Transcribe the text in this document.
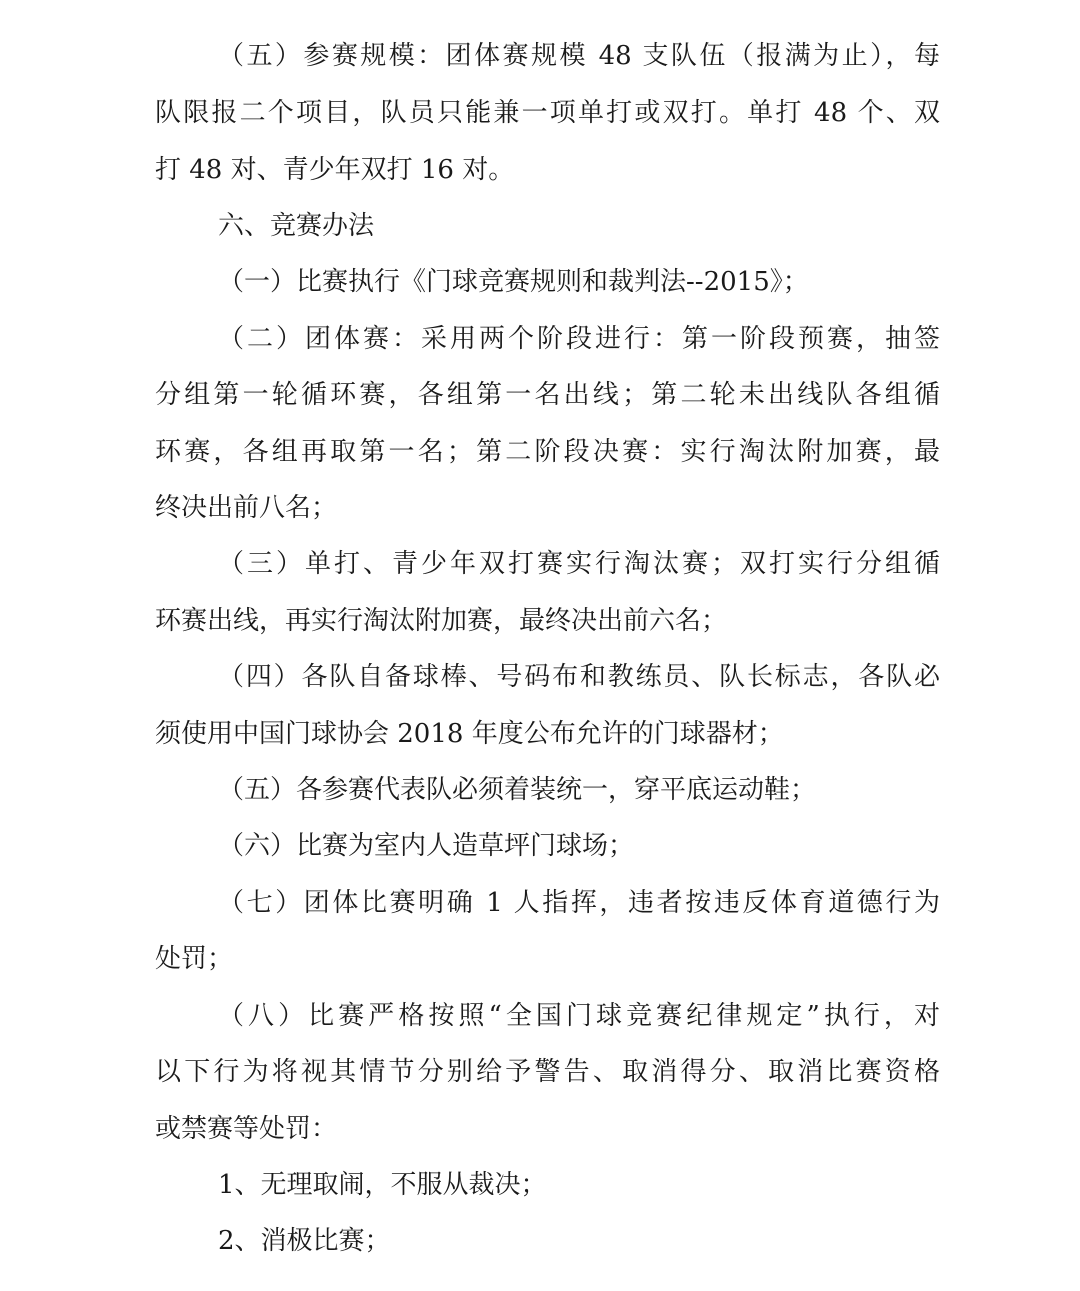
（五）参赛规模：团体赛规模 48 支队伍（报满为止），每
队限报二个项目，队员只能兼一项单打或双打。单打 48 个、双
打 48 对、青少年双打 16 对。
六、竞赛办法
（一）比赛执行《门球竞赛规则和裁判法--2015》；
（二）团体赛：采用两个阶段进行：第一阶段预赛，抽签
分组第一轮循环赛，各组第一名出线；第二轮未出线队各组循
环赛，各组再取第一名；第二阶段决赛：实行淘汰附加赛，最
终决出前八名；
（三）单打、青少年双打赛实行淘汰赛；双打实行分组循
环赛出线，再实行淘汰附加赛，最终决出前六名；
（四）各队自备球棒、号码布和教练员、队长标志，各队必
须使用中国门球协会 2018 年度公布允许的门球器材；
（五）各参赛代表队必须着装统一，穿平底运动鞋；
（六）比赛为室内人造草坪门球场；
（七）团体比赛明确 1 人指挥，违者按违反体育道德行为
处罚；
（八）比赛严格按照“全国门球竞赛纪律规定”执行，对
以下行为将视其情节分别给予警告、取消得分、取消比赛资格
或禁赛等处罚：
1、无理取闹，不服从裁决；
2、消极比赛；
